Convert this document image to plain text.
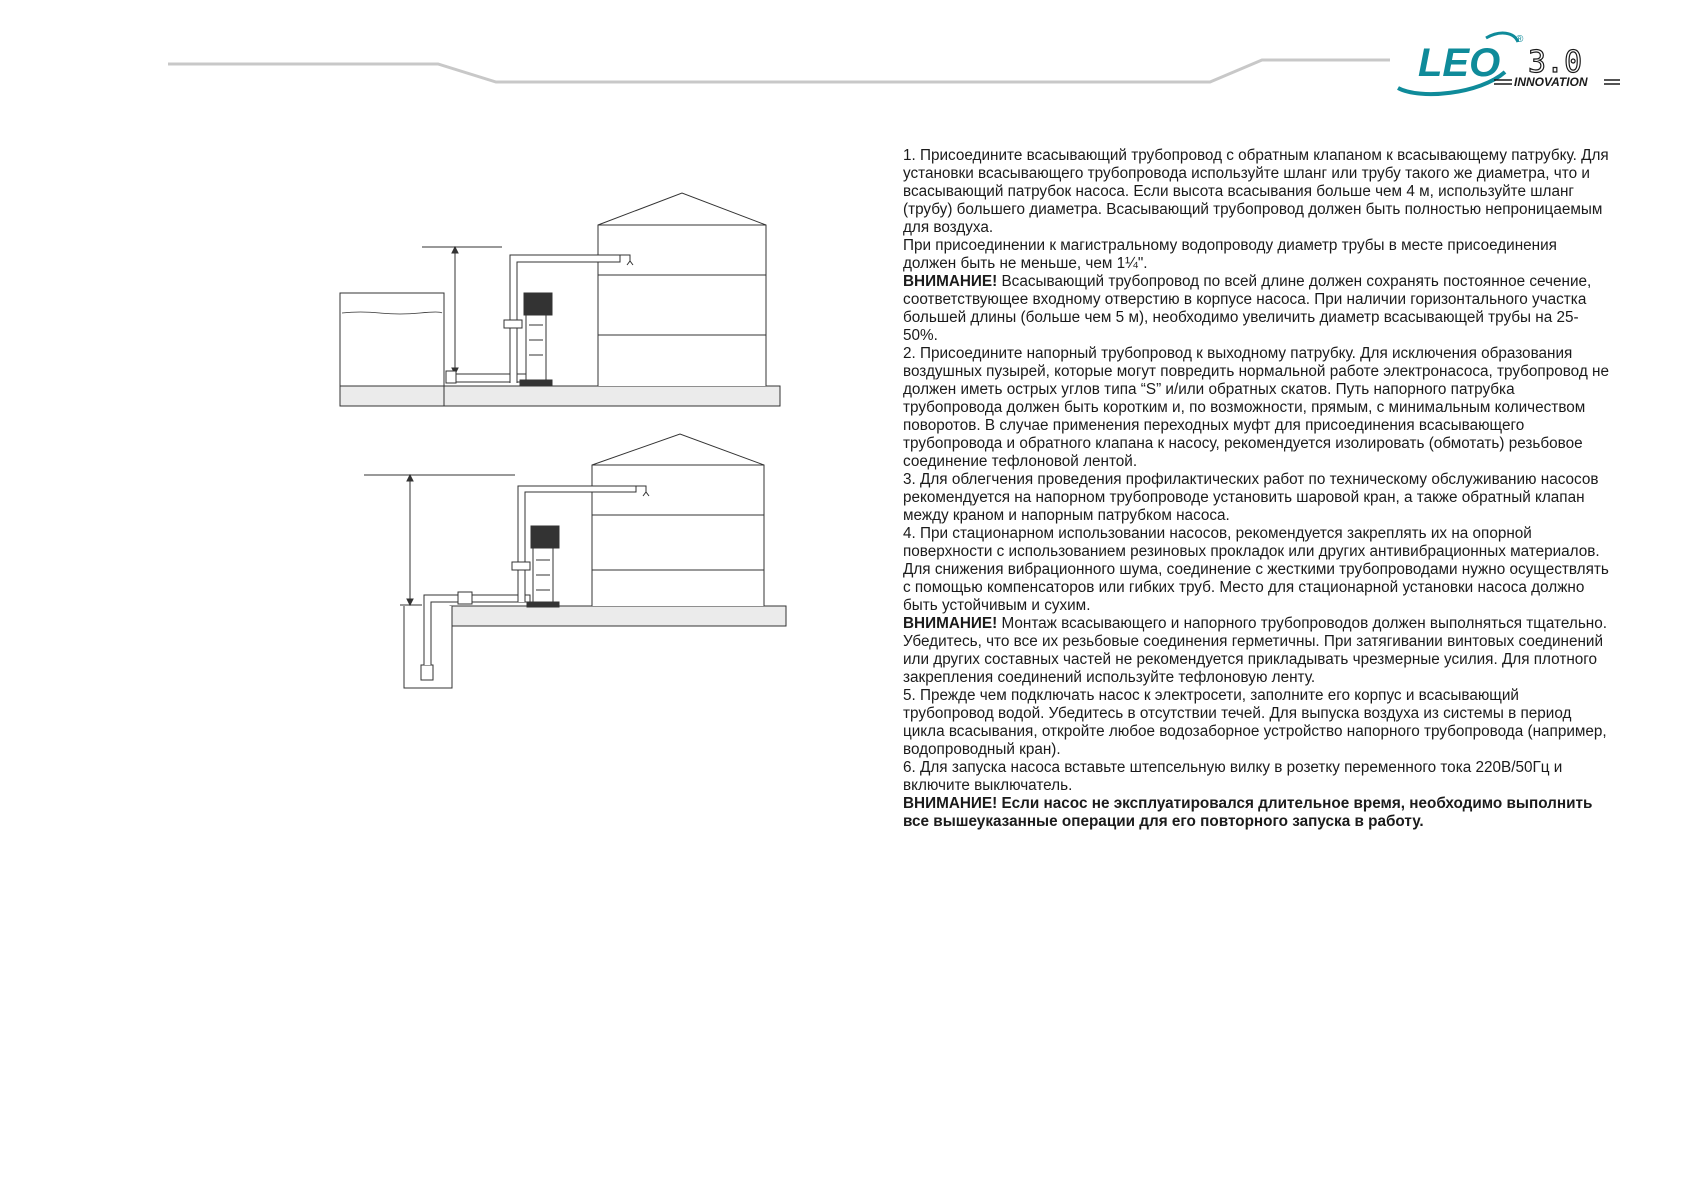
LEO
®
3.0
INNOVATION

1. Присоедините всасывающий трубопровод с обратным клапаном к всасывающему патрубку. Для установки всасывающего трубопровода используйте шланг или трубу такого же диаметра, что и всасывающий патрубок насоса. Если высота всасывания больше чем 4 м, используйте шланг (трубу) большего диаметра. Всасывающий трубопровод должен быть полностью непроницаемым для воздуха.

При присоединении к магистральному водопроводу диаметр трубы в месте присоединения должен быть не меньше, чем 1¼".

ВНИМАНИЕ! Всасывающий трубопровод по всей длине должен сохранять постоянное сечение, соответствующее входному отверстию в корпусе насоса. При наличии горизонтального участка большей длины (больше чем 5 м), необходимо увеличить диаметр всасывающей трубы на 25-50%.

2. Присоедините напорный трубопровод к выходному патрубку. Для исключения образования воздушных пузырей, которые могут повредить нормальной работе электронасоса, трубопровод не должен иметь острых углов типа “S” и/или обратных скатов. Путь напорного патрубка трубопровода должен быть коротким и, по возможности, прямым, с минимальным количеством поворотов. В случае применения переходных муфт для присоединения всасывающего трубопровода и обратного клапана к насосу, рекомендуется изолировать (обмотать) резьбовое соединение тефлоновой лентой.

3. Для облегчения проведения профилактических работ по техническому обслуживанию насосов рекомендуется на напорном трубопроводе установить шаровой кран, а также обратный клапан между краном и напорным патрубком насоса.

4. При стационарном использовании насосов, рекомендуется закреплять их на опорной поверхности с использованием резиновых прокладок или других антивибрационных материалов. Для снижения вибрационного шума, соединение с жесткими трубопроводами нужно осуществлять с помощью компенсаторов или гибких труб. Место для стационарной установки насоса должно быть устойчивым и сухим.

ВНИМАНИЕ! Монтаж всасывающего и напорного трубопроводов должен выполняться тщательно. Убедитесь, что все их резьбовые соединения герметичны. При затягивании винтовых соединений или других составных частей не рекомендуется прикладывать чрезмерные усилия. Для плотного закрепления соединений используйте тефлоновую ленту.

5. Прежде чем подключать насос к электросети, заполните его корпус и всасывающий трубопровод водой. Убедитесь в отсутствии течей. Для выпуска воздуха из системы в период цикла всасывания, откройте любое водозаборное устройство напорного трубопровода (например, водопроводный кран).

6. Для запуска насоса вставьте штепсельную вилку в розетку переменного тока 220В/50Гц и включите выключатель.

ВНИМАНИЕ! Если насос не эксплуатировался длительное время, необходимо выполнить все вышеуказанные операции для его повторного запуска в работу.
